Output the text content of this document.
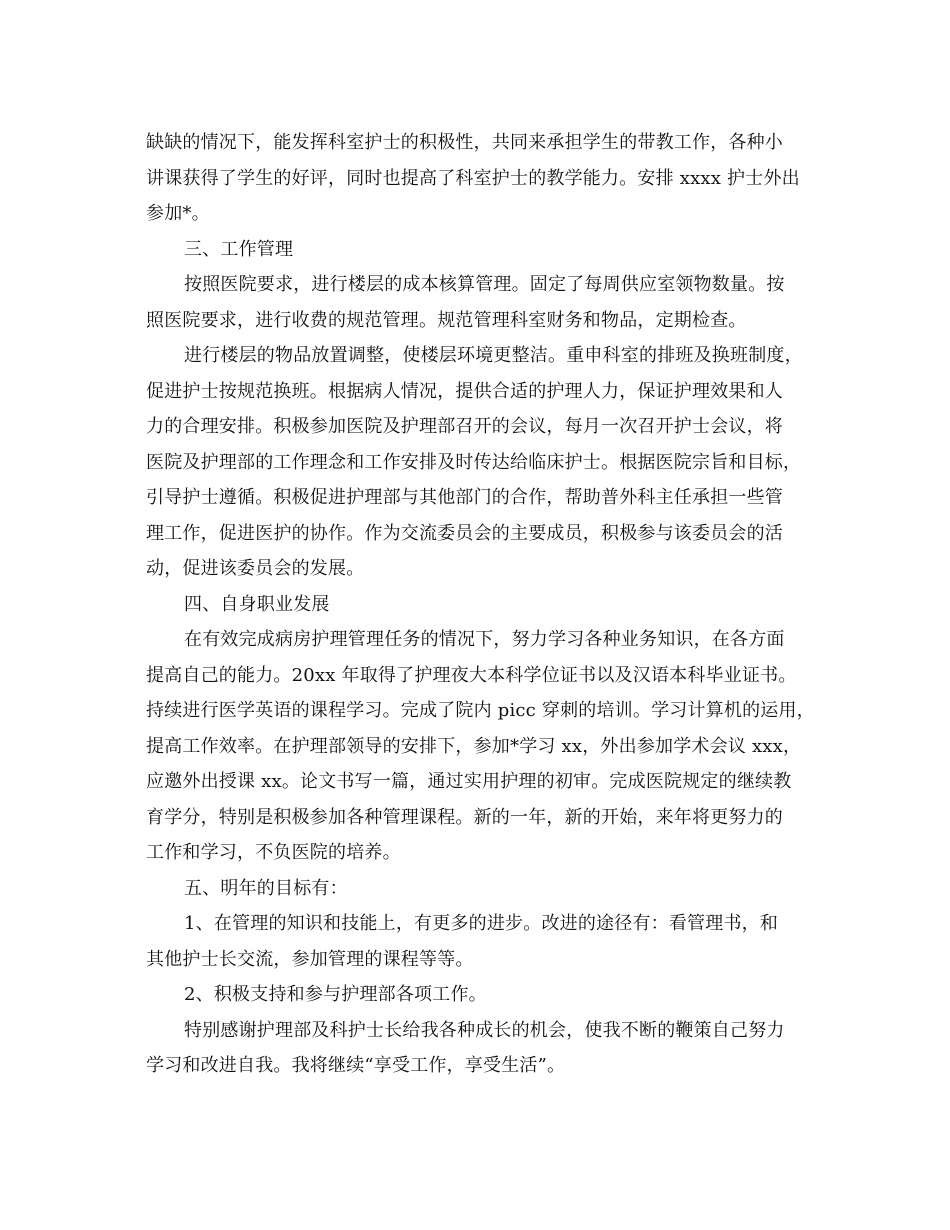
缺缺的情况下，能发挥科室护士的积极性，共同来承担学生的带教工作，各种小
讲课获得了学生的好评，同时也提高了科室护士的教学能力。安排 xxxx 护士外出
参加*。
三、工作管理
按照医院要求，进行楼层的成本核算管理。固定了每周供应室领物数量。按
照医院要求，进行收费的规范管理。规范管理科室财务和物品，定期检查。
进行楼层的物品放置调整，使楼层环境更整洁。重申科室的排班及换班制度，
促进护士按规范换班。根据病人情况，提供合适的护理人力，保证护理效果和人
力的合理安排。积极参加医院及护理部召开的会议，每月一次召开护士会议，将
医院及护理部的工作理念和工作安排及时传达给临床护士。根据医院宗旨和目标，
引导护士遵循。积极促进护理部与其他部门的合作，帮助普外科主任承担一些管
理工作，促进医护的协作。作为交流委员会的主要成员，积极参与该委员会的活
动，促进该委员会的发展。
四、自身职业发展
在有效完成病房护理管理任务的情况下，努力学习各种业务知识，在各方面
提高自己的能力。20xx 年取得了护理夜大本科学位证书以及汉语本科毕业证书。
持续进行医学英语的课程学习。完成了院内 picc 穿刺的培训。学习计算机的运用，
提高工作效率。在护理部领导的安排下，参加*学习 xx，外出参加学术会议 xxx，
应邀外出授课 xx。论文书写一篇，通过实用护理的初审。完成医院规定的继续教
育学分，特别是积极参加各种管理课程。新的一年，新的开始，来年将更努力的
工作和学习，不负医院的培养。
五、明年的目标有：
1、在管理的知识和技能上，有更多的进步。改进的途径有：看管理书，和
其他护士长交流，参加管理的课程等等。
2、积极支持和参与护理部各项工作。
特别感谢护理部及科护士长给我各种成长的机会，使我不断的鞭策自己努力
学习和改进自我。我将继续“享受工作，享受生活”。
